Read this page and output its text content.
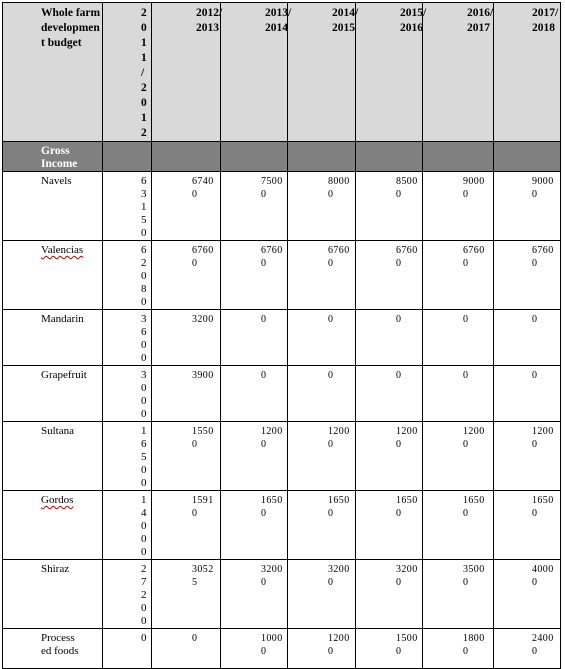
Whole farm development budget	2011/2012	2012/2013	2013/2014	2014/2015	2015/2016	2016/2017	2017/2018

Gross Income							

Navels	63150	67400	75000	80000	85000	90000	90000

Valencias	62080	67600	67600	67600	67600	67600	67600

Mandarin	3600	3200	0	0	0	0	0

Grapefruit	3000	3900	0	0	0	0	0

Sultana	16500	15500	12000	12000	12000	12000	12000

Gordos	14000	15910	16500	16500	16500	16500	16500

Shiraz	27200	30525	32000	32000	32000	35000	40000

Processed foods	0	0	10000	12000	15000	18000	24000
